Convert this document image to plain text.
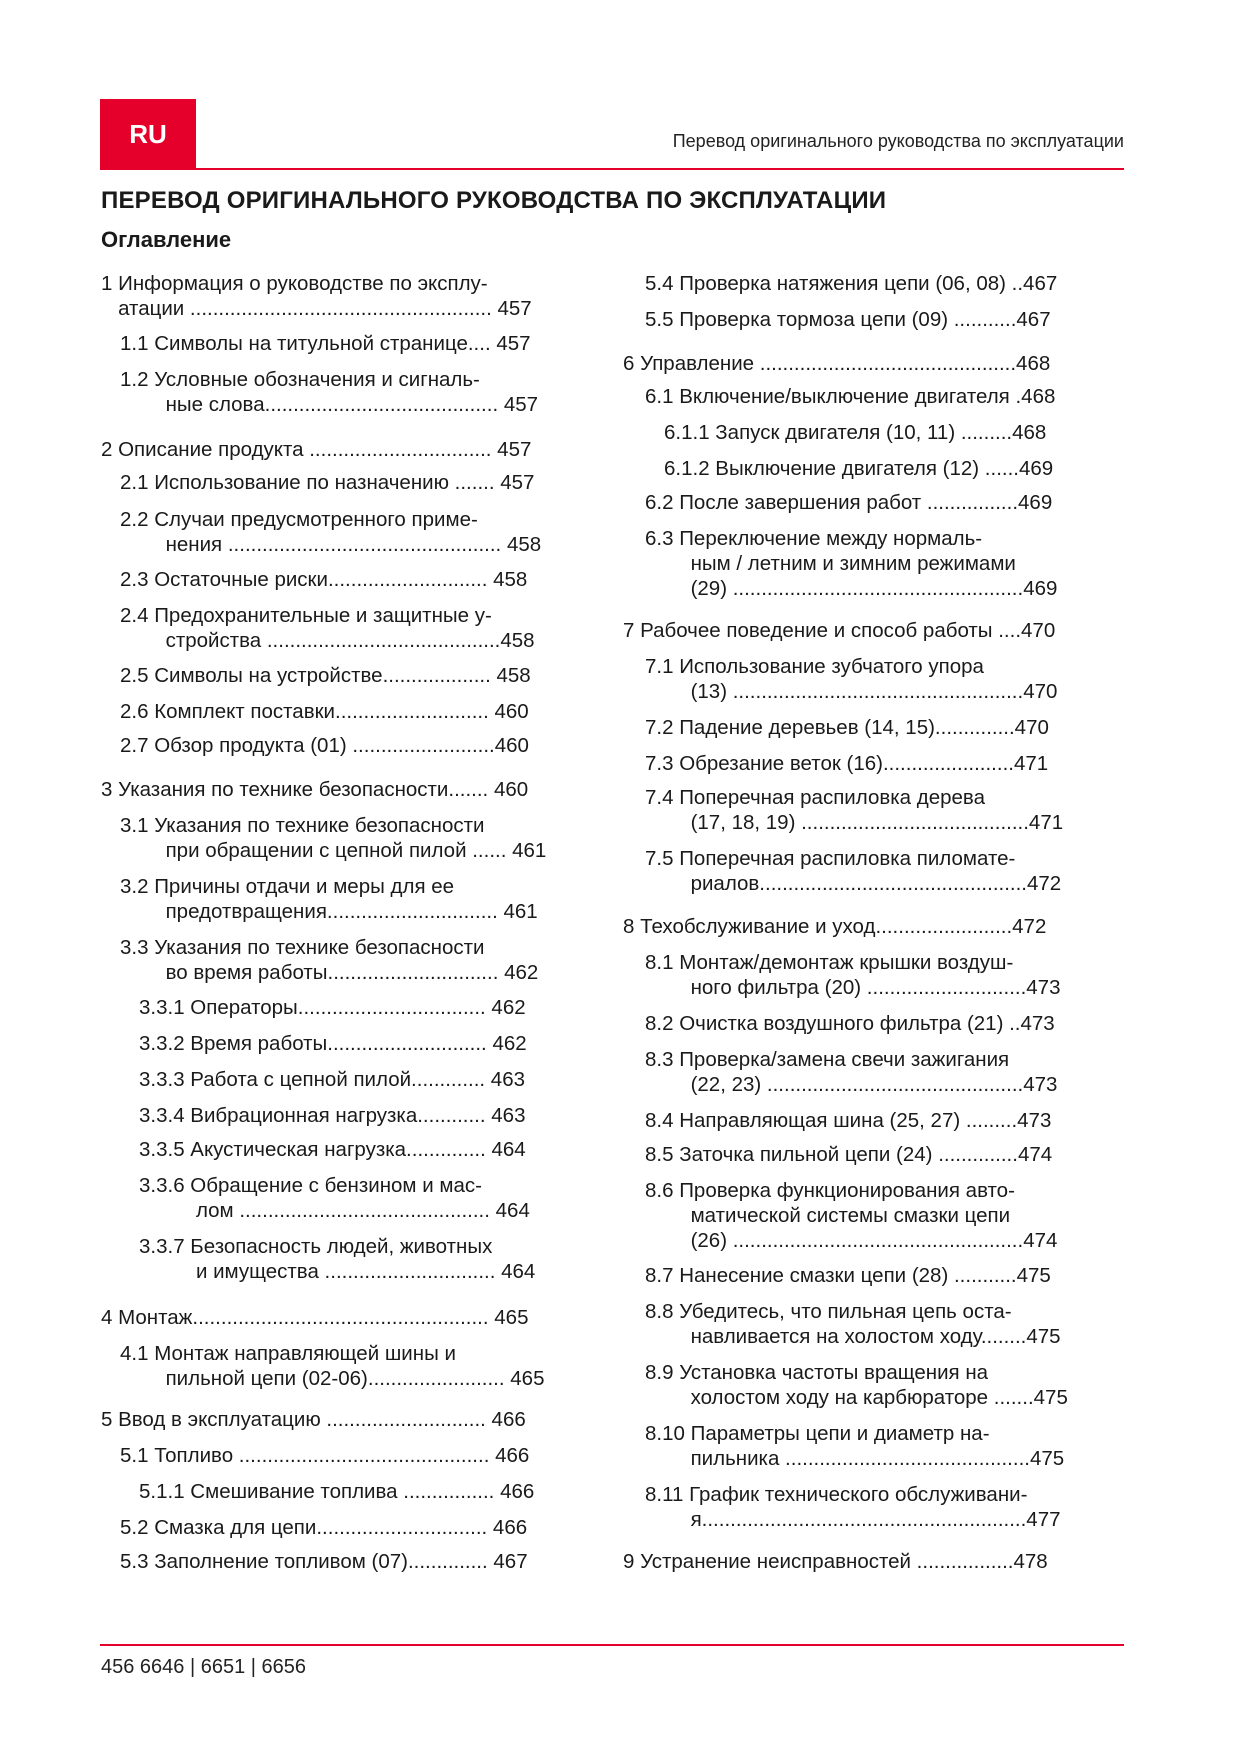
RU	Перевод оригинального руководства по эксплуатации
ПЕРЕВОД ОРИГИНАЛЬНОГО РУКОВОДСТВА ПО ЭКСПЛУАТАЦИИ
Оглавление
1 Информация о руководстве по эксплу-
атации ..................................................... 457
1.1 Символы на титульной странице.... 457
1.2 Условные обозначения и сигналь-
ные слова......................................... 457
2 Описание продукта ................................ 457
2.1 Использование по назначению ....... 457
2.2 Случаи предусмотренного приме-
нения ................................................ 458
2.3 Остаточные риски............................ 458
2.4 Предохранительные и защитные у-
стройства .........................................458
2.5 Символы на устройстве................... 458
2.6 Комплект поставки........................... 460
2.7 Обзор продукта (01) .........................460
3 Указания по технике безопасности....... 460
3.1 Указания по технике безопасности
при обращении с цепной пилой ...... 461
3.2 Причины отдачи и меры для ее
предотвращения.............................. 461
3.3 Указания по технике безопасности
во время работы.............................. 462
3.3.1 Операторы................................. 462
3.3.2 Время работы............................ 462
3.3.3 Работа с цепной пилой............. 463
3.3.4 Вибрационная нагрузка............ 463
3.3.5 Акустическая нагрузка.............. 464
3.3.6 Обращение с бензином и мас-
лом ............................................ 464
3.3.7 Безопасность людей, животных
и имущества .............................. 464
4 Монтаж.................................................... 465
4.1 Монтаж направляющей шины и
пильной цепи (02-06)........................ 465
5 Ввод в эксплуатацию ............................ 466
5.1 Топливо ............................................ 466
5.1.1 Смешивание топлива ................ 466
5.2 Смазка для цепи.............................. 466
5.3 Заполнение топливом (07).............. 467
5.4 Проверка натяжения цепи (06, 08) ..467
5.5 Проверка тормоза цепи (09) ...........467
6 Управление .............................................468
6.1 Включение/выключение двигателя .468
6.1.1 Запуск двигателя (10, 11) .........468
6.1.2 Выключение двигателя (12) ......469
6.2 После завершения работ ................469
6.3 Переключение между нормаль-
ным / летним и зимним режимами
(29) ...................................................469
7 Рабочее поведение и способ работы ....470
7.1 Использование зубчатого упора
(13) ...................................................470
7.2 Падение деревьев (14, 15)..............470
7.3 Обрезание веток (16).......................471
7.4 Поперечная распиловка дерева
(17, 18, 19) ........................................471
7.5 Поперечная распиловка пиломате-
риалов...............................................472
8 Техобслуживание и уход........................472
8.1 Монтаж/демонтаж крышки воздуш-
ного фильтра (20) ............................473
8.2 Очистка воздушного фильтра (21) ..473
8.3 Проверка/замена свечи зажигания
(22, 23) .............................................473
8.4 Направляющая шина (25, 27) .........473
8.5 Заточка пильной цепи (24) ..............474
8.6 Проверка функционирования авто-
матической системы смазки цепи
(26) ...................................................474
8.7 Нанесение смазки цепи (28) ...........475
8.8 Убедитесь, что пильная цепь оста-
навливается на холостом ходу........475
8.9 Установка частоты вращения на
холостом ходу на карбюраторе .......475
8.10 Параметры цепи и диаметр на-
пильника ...........................................475
8.11 График технического обслуживани-
я.........................................................477
9 Устранение неисправностей .................478
456 6646 | 6651 | 6656
